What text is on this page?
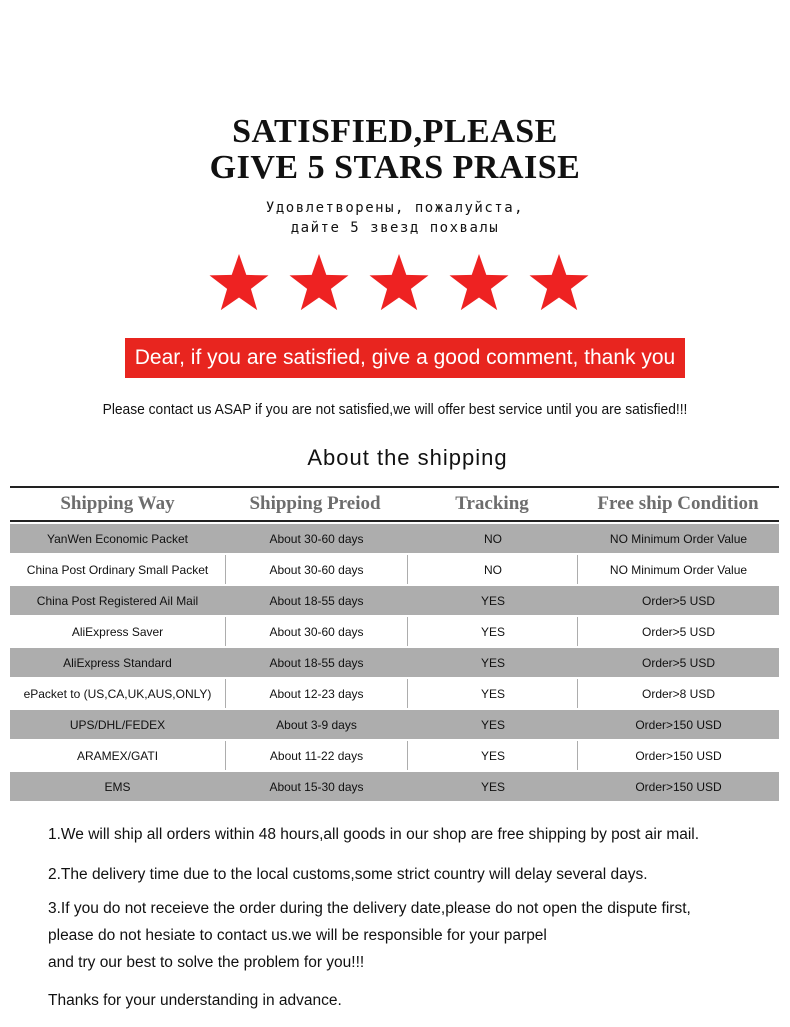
SATISFIED,PLEASE
GIVE 5 STARS PRAISE
Удовлетворены, пожалуйста,
дайте 5 звезд похвалы
Dear, if you are satisfied, give a good comment, thank you
Please contact us ASAP if you are not satisfied,we will offer best service until you are satisfied!!!
About the shipping
Shipping Way	Shipping Preiod	Tracking	Free ship Condition
YanWen Economic Packet	About 30-60 days	NO	NO Minimum Order Value
China Post Ordinary Small Packet	About 30-60 days	NO	NO Minimum Order Value
China Post Registered Ail Mail	About 18-55 days	YES	Order>5 USD
AliExpress Saver	About 30-60 days	YES	Order>5 USD
AliExpress Standard	About 18-55 days	YES	Order>5 USD
ePacket to (US,CA,UK,AUS,ONLY)	About 12-23 days	YES	Order>8 USD
UPS/DHL/FEDEX	About 3-9 days	YES	Order>150 USD
ARAMEX/GATI	About 11-22 days	YES	Order>150 USD
EMS	About 15-30 days	YES	Order>150 USD
1.We will ship all orders within 48 hours,all goods in our shop are free shipping by post air mail.
2.The delivery time due to the local customs,some strict country will delay several days.
3.If you do not receieve the order during the delivery date,please do not open the dispute first,
please do not hesiate to contact us.we will be responsible for your parpel
and try our best to solve the problem for you!!!
Thanks for your understanding in advance.
